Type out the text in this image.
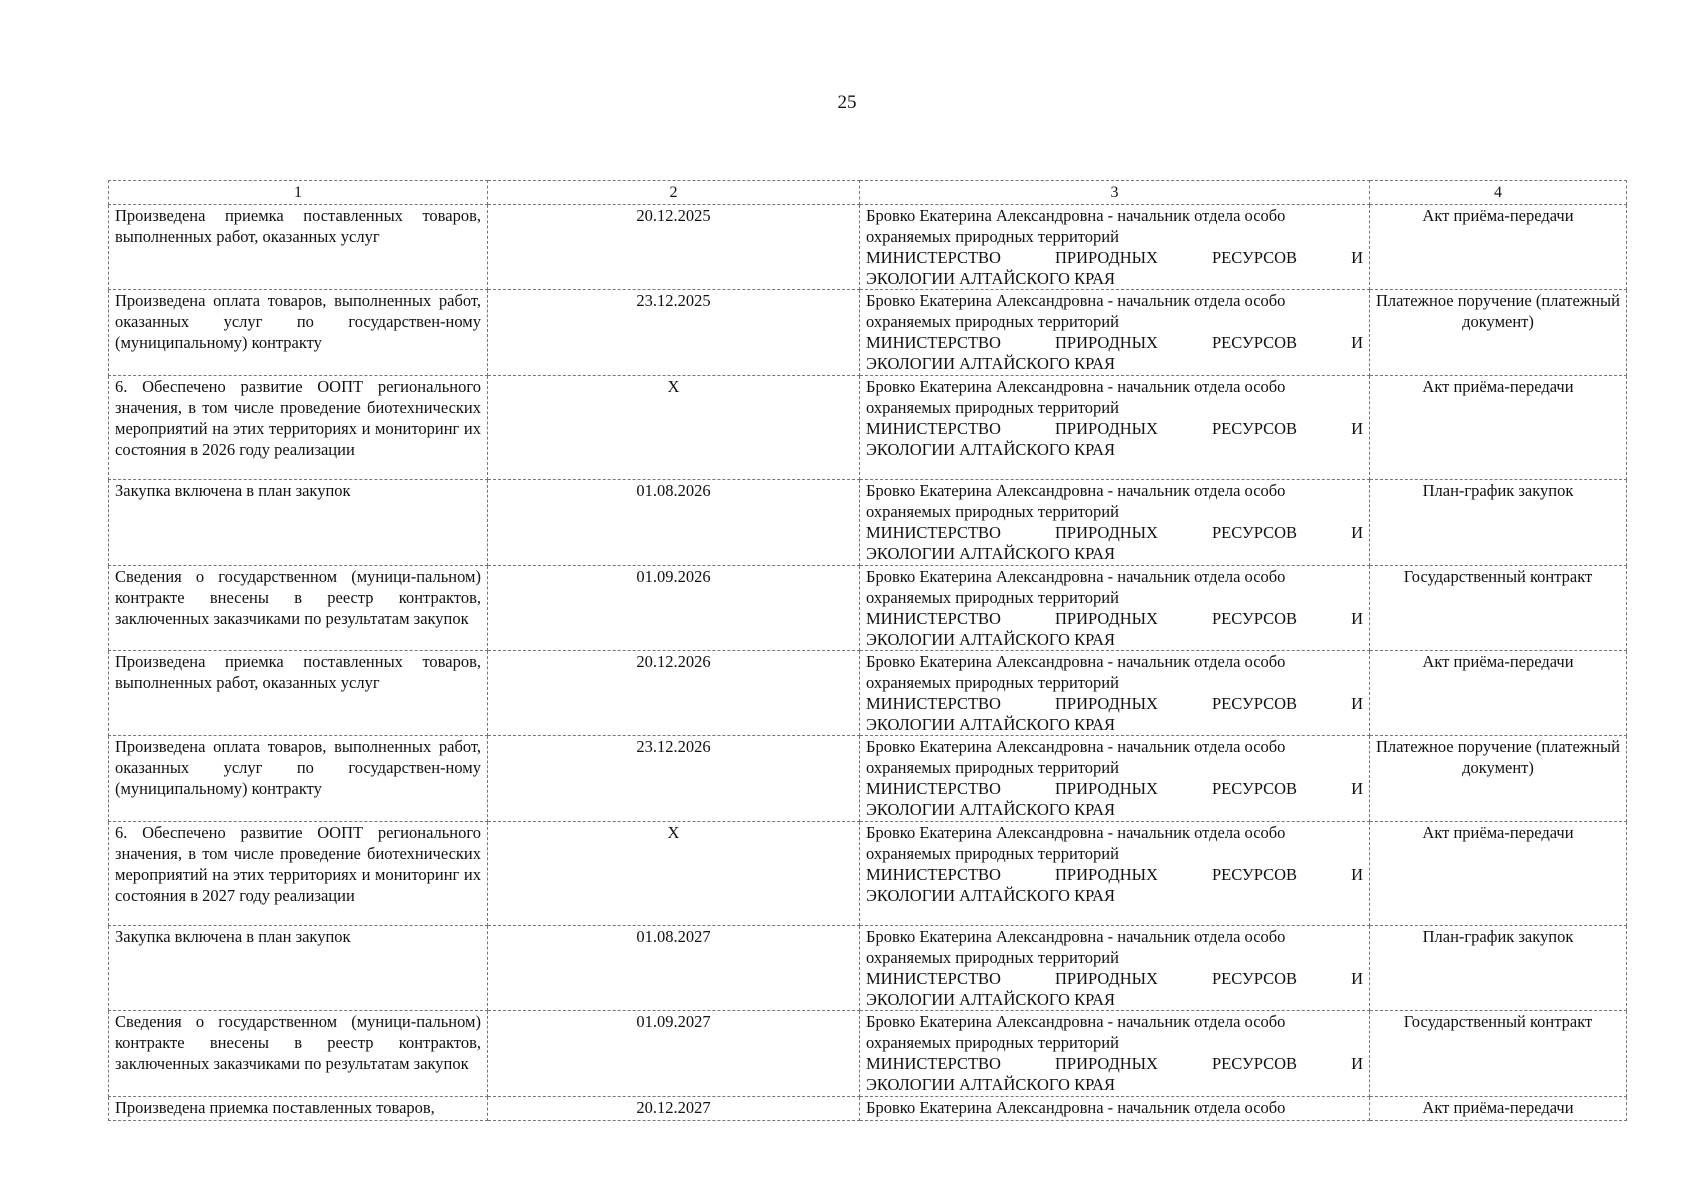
25
1	2	3	4
Произведена приемка поставленных товаров, выполненных работ, оказанных услуг	20.12.2025	Бровко Екатерина Александровна - начальник отдела особо охраняемых природных территорий
МИНИСТЕРСТВО ПРИРОДНЫХ РЕСУРСОВ И
ЭКОЛОГИИ АЛТАЙСКОГО КРАЯ	Акт приёма-передачи
Произведена оплата товаров, выполненных работ, оказанных услуг по государствен-ному (муниципальному) контракту	23.12.2025	Бровко Екатерина Александровна - начальник отдела особо охраняемых природных территорий
МИНИСТЕРСТВО ПРИРОДНЫХ РЕСУРСОВ И
ЭКОЛОГИИ АЛТАЙСКОГО КРАЯ	Платежное поручение (платежный документ)
6. Обеспечено развитие ООПТ регионального значения, в том числе проведение биотехнических мероприятий на этих территориях и мониторинг их состояния в 2026 году реализации	X	Бровко Екатерина Александровна - начальник отдела особо охраняемых природных территорий
МИНИСТЕРСТВО ПРИРОДНЫХ РЕСУРСОВ И
ЭКОЛОГИИ АЛТАЙСКОГО КРАЯ	Акт приёма-передачи
Закупка включена в план закупок	01.08.2026	Бровко Екатерина Александровна - начальник отдела особо охраняемых природных территорий
МИНИСТЕРСТВО ПРИРОДНЫХ РЕСУРСОВ И
ЭКОЛОГИИ АЛТАЙСКОГО КРАЯ	План-график закупок
Сведения о государственном (муници-пальном) контракте внесены в реестр контрактов, заключенных заказчиками по результатам закупок	01.09.2026	Бровко Екатерина Александровна - начальник отдела особо охраняемых природных территорий
МИНИСТЕРСТВО ПРИРОДНЫХ РЕСУРСОВ И
ЭКОЛОГИИ АЛТАЙСКОГО КРАЯ	Государственный контракт
Произведена приемка поставленных товаров, выполненных работ, оказанных услуг	20.12.2026	Бровко Екатерина Александровна - начальник отдела особо охраняемых природных территорий
МИНИСТЕРСТВО ПРИРОДНЫХ РЕСУРСОВ И
ЭКОЛОГИИ АЛТАЙСКОГО КРАЯ	Акт приёма-передачи
Произведена оплата товаров, выполненных работ, оказанных услуг по государствен-ному (муниципальному) контракту	23.12.2026	Бровко Екатерина Александровна - начальник отдела особо охраняемых природных территорий
МИНИСТЕРСТВО ПРИРОДНЫХ РЕСУРСОВ И
ЭКОЛОГИИ АЛТАЙСКОГО КРАЯ	Платежное поручение (платежный документ)
6. Обеспечено развитие ООПТ регионального значения, в том числе проведение биотехнических мероприятий на этих территориях и мониторинг их состояния в 2027 году реализации	X	Бровко Екатерина Александровна - начальник отдела особо охраняемых природных территорий
МИНИСТЕРСТВО ПРИРОДНЫХ РЕСУРСОВ И
ЭКОЛОГИИ АЛТАЙСКОГО КРАЯ	Акт приёма-передачи
Закупка включена в план закупок	01.08.2027	Бровко Екатерина Александровна - начальник отдела особо охраняемых природных территорий
МИНИСТЕРСТВО ПРИРОДНЫХ РЕСУРСОВ И
ЭКОЛОГИИ АЛТАЙСКОГО КРАЯ	План-график закупок
Сведения о государственном (муници-пальном) контракте внесены в реестр контрактов, заключенных заказчиками по результатам закупок	01.09.2027	Бровко Екатерина Александровна - начальник отдела особо охраняемых природных территорий
МИНИСТЕРСТВО ПРИРОДНЫХ РЕСУРСОВ И
ЭКОЛОГИИ АЛТАЙСКОГО КРАЯ	Государственный контракт
Произведена приемка поставленных товаров,	20.12.2027	Бровко Екатерина Александровна - начальник отдела особо	Акт приёма-передачи
